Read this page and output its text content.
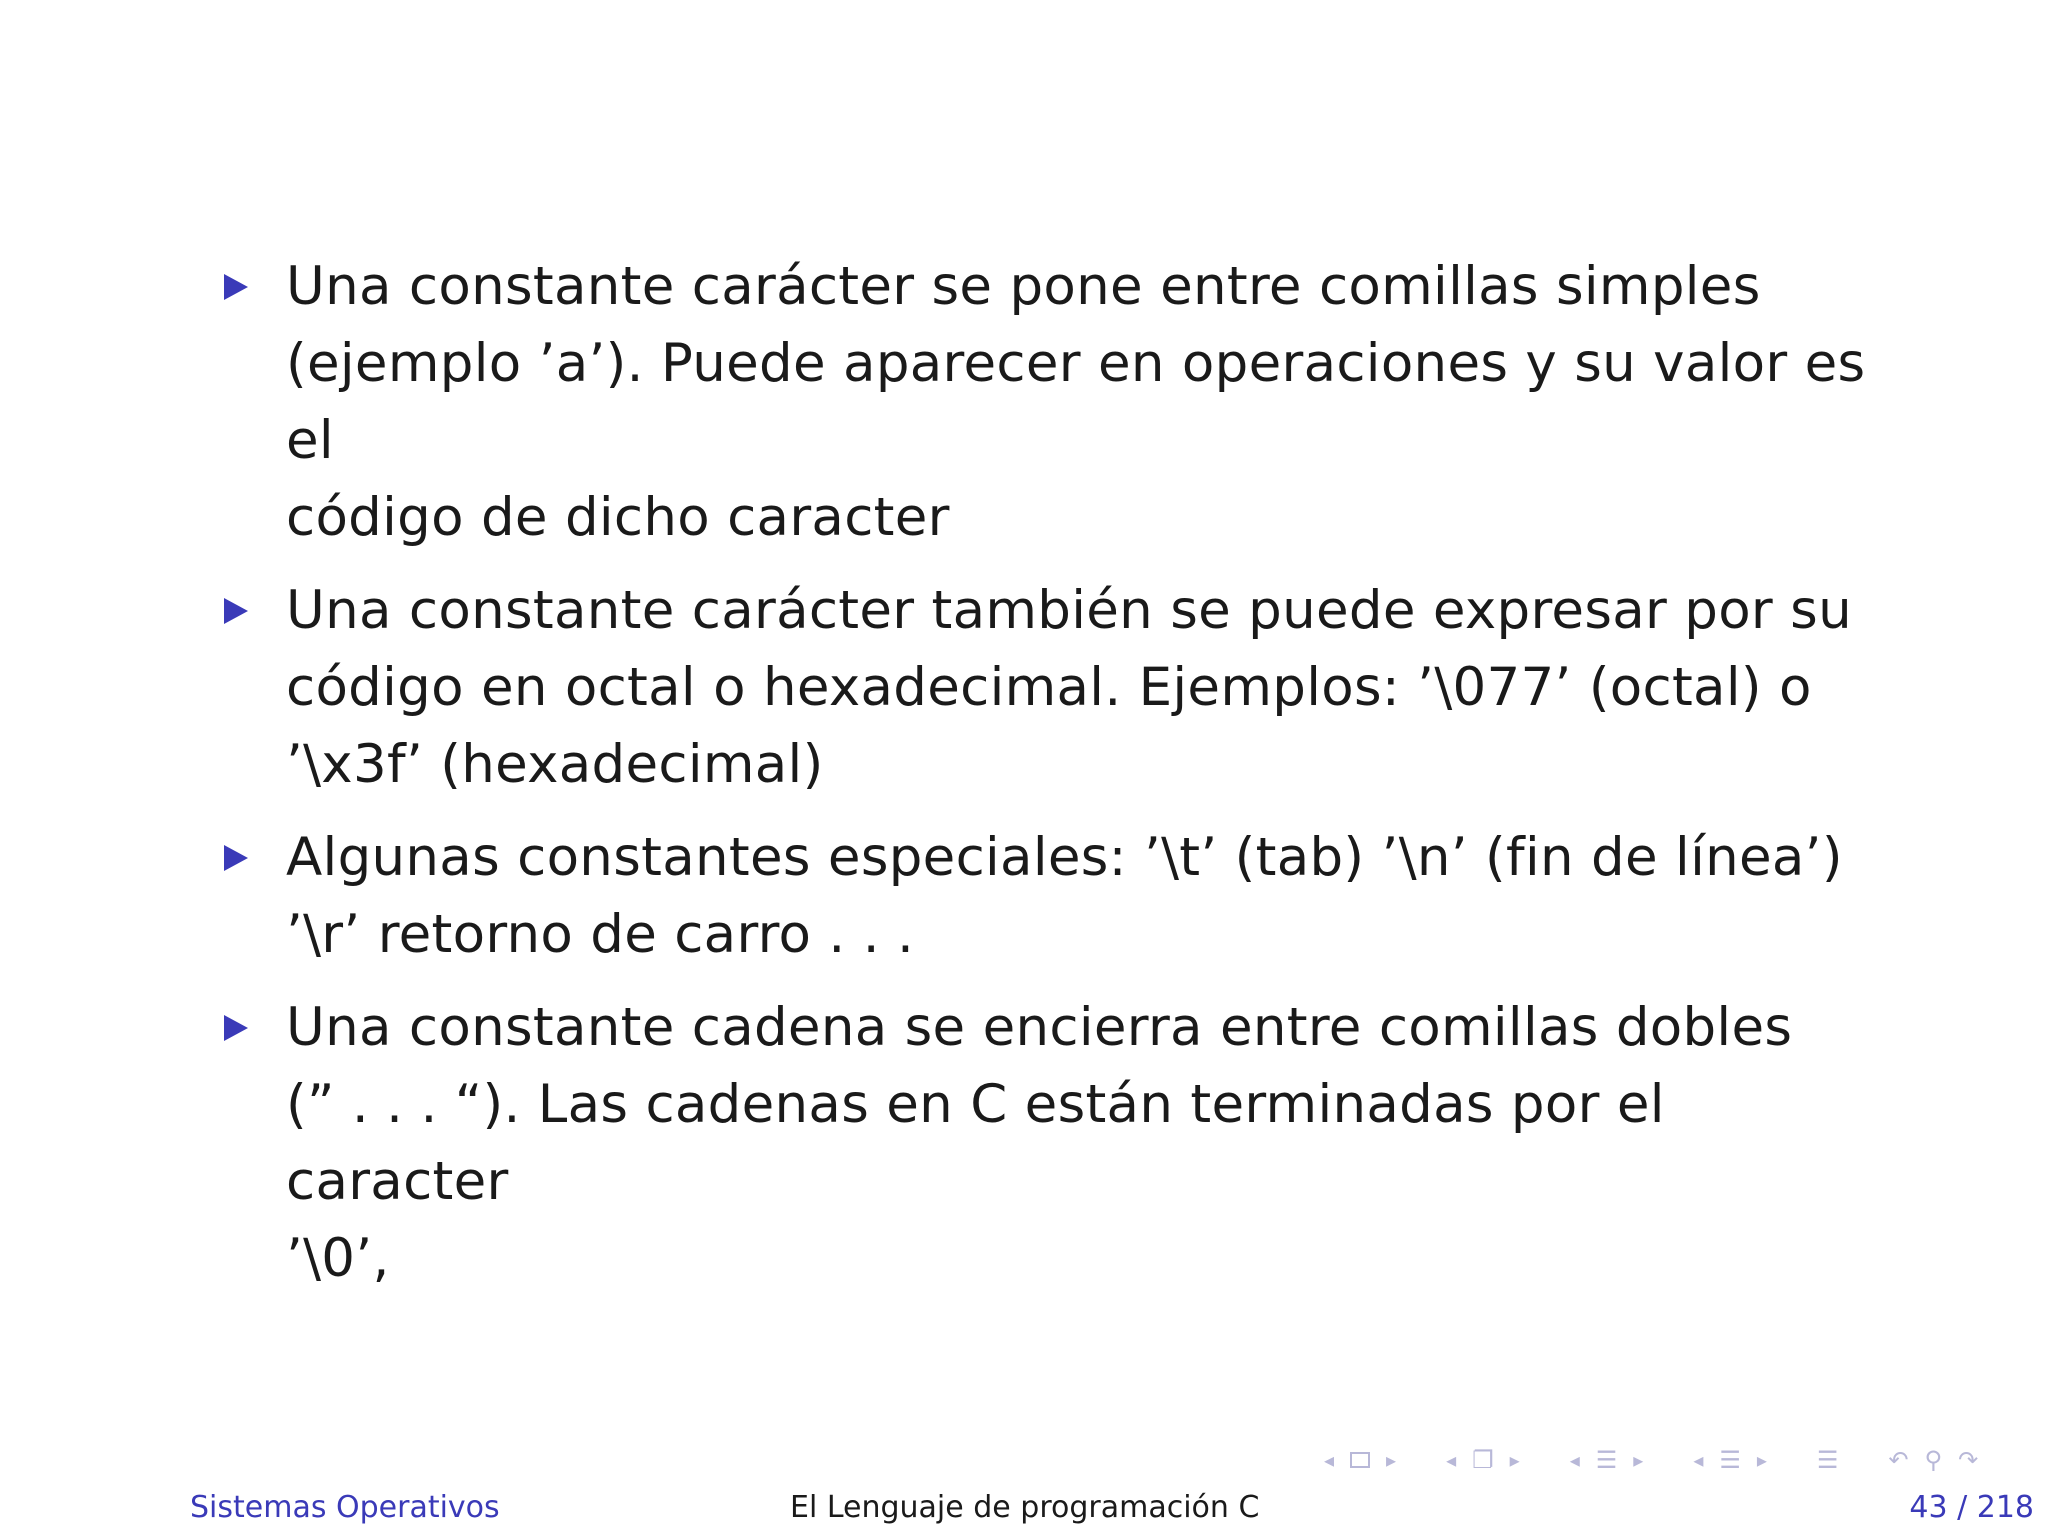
Una constante carácter se pone entre comillas simples
(ejemplo ’a’). Puede aparecer en operaciones y su valor es el
código de dicho caracter
Una constante carácter también se puede expresar por su
código en octal o hexadecimal. Ejemplos: ’\077’ (octal) o
’\x3f’ (hexadecimal)
Algunas constantes especiales: ’\t’ (tab) ’\n’ (fin de línea’)
’\r’ retorno de carro . . .
Una constante cadena se encierra entre comillas dobles
(” . . . “). Las cadenas en C están terminadas por el caracter
’\0’,
◂	▸	◂ ❐ ▸	◂ ☰ ▸	◂ ☰ ▸ ☰ ↶ ⚲ ↷
Sistemas Operativos	El Lenguaje de programación C	43 / 218
